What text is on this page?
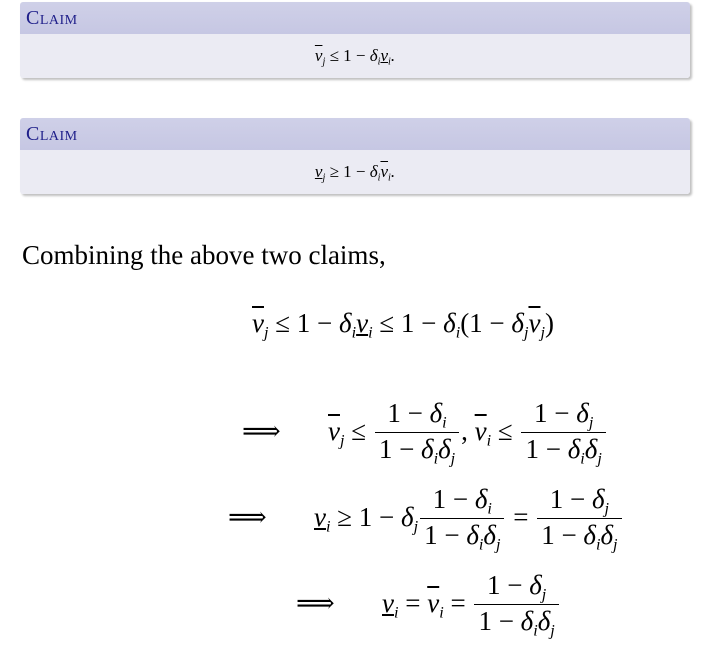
Claim
$\overline{v}_j \le 1 - \delta_iv_i$.
Claim
$v_j \ge 1 - \delta_i\overline{v}_i$.
Combining the above two claims,
$\overline{v}_j \le 1 - \delta_iv_i \le 1 - \delta_i(1 - \delta_j\overline{v}_j)$
⟹ $\overline{v}_j \le \frac{1 - \delta_i}{1 - \delta_i\delta_j}$ , $\overline{v}_i \le \frac{1 - \delta_j}{1 - \delta_i\delta_j}$
⟹ $v_i \ge 1 - \delta_j \frac{1 - \delta_i}{1 - \delta_i\delta_j} = \frac{1 - \delta_j}{1 - \delta_i\delta_j}$
⟹ $v_i = \overline{v}_i = \frac{1 - \delta_j}{1 - \delta_i\delta_j}$
